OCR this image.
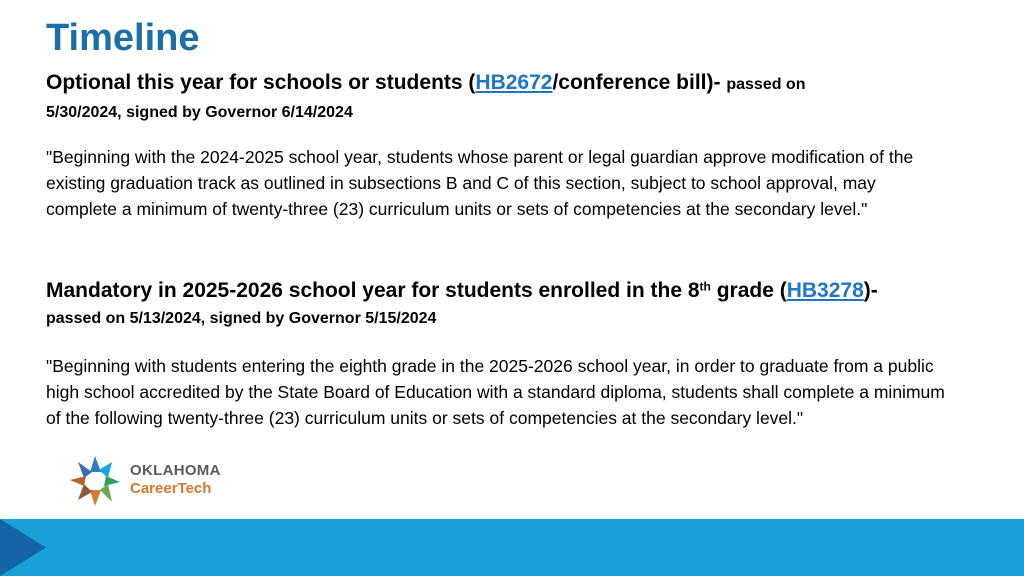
Timeline
Optional this year for schools or students (HB2672/conference bill)- passed on
5/30/2024, signed by Governor 6/14/2024

"Beginning with the 2024-2025 school year, students whose parent or legal guardian approve modification of the existing graduation track as outlined in subsections B and C of this section, subject to school approval, may complete a minimum of twenty-three (23) curriculum units or sets of competencies at the secondary level."

Mandatory in 2025-2026 school year for students enrolled in the 8th grade (HB3278)-
passed on 5/13/2024, signed by Governor 5/15/2024

"Beginning with students entering the eighth grade in the 2025-2026 school year, in order to graduate from a public high school accredited by the State Board of Education with a standard diploma, students shall complete a minimum of the following twenty-three (23) curriculum units or sets of competencies at the secondary level."

OKLAHOMA
CareerTech
